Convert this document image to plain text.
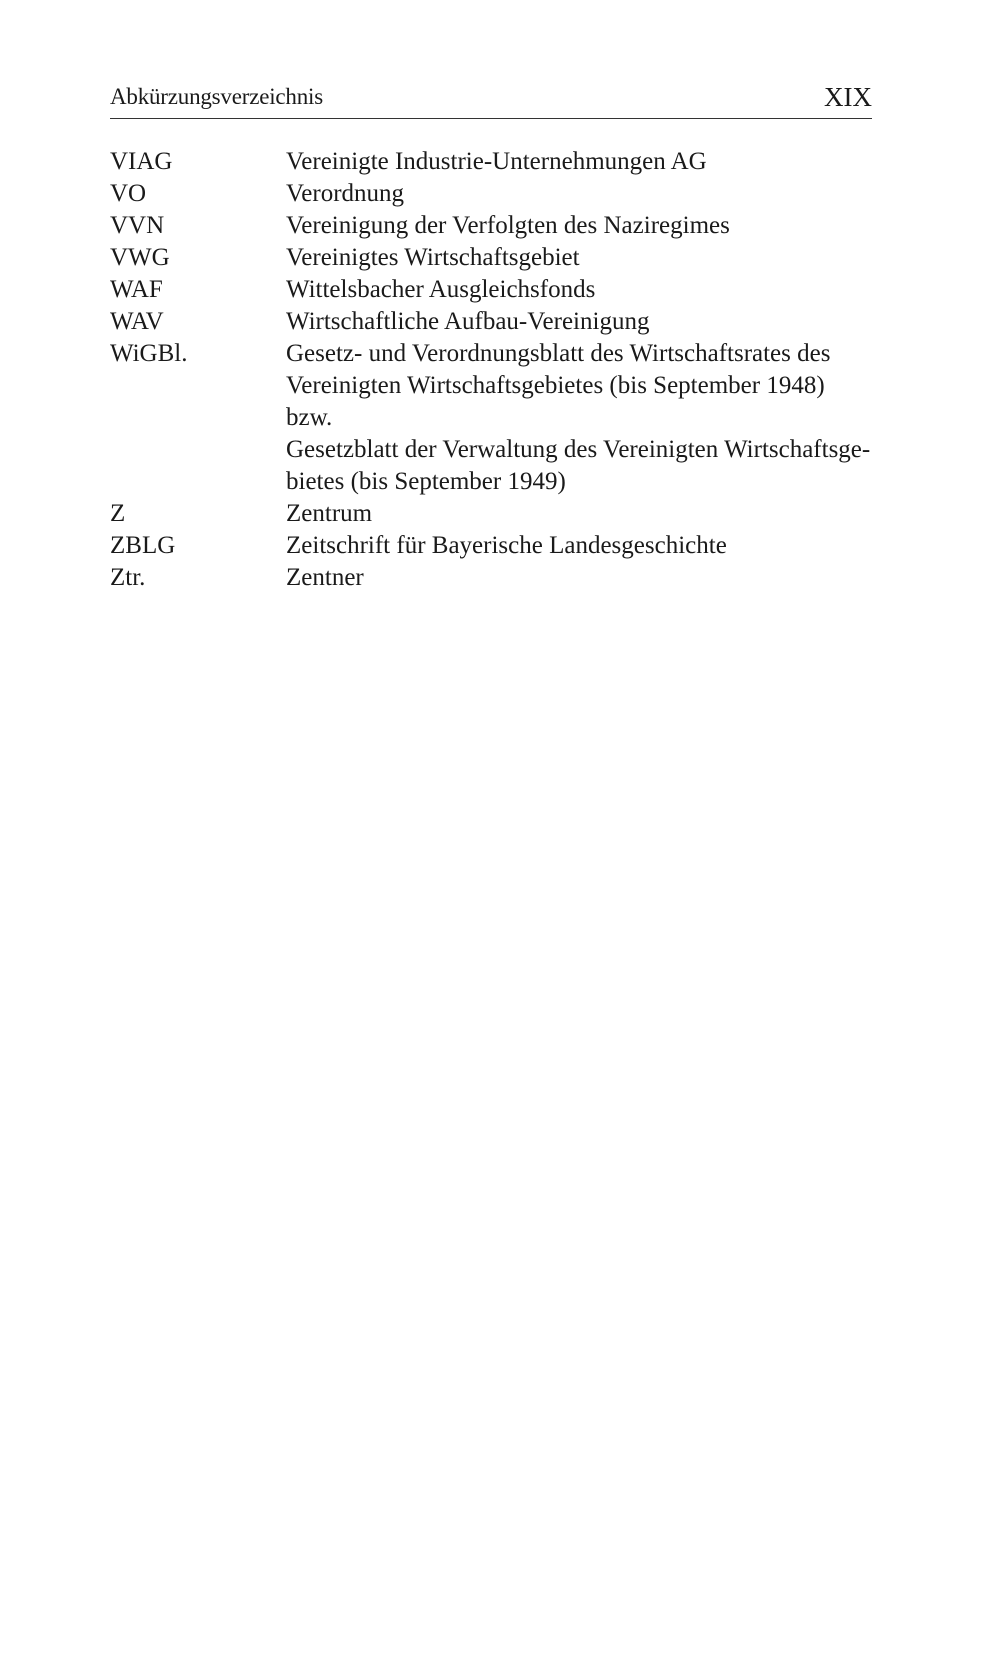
Abkürzungsverzeichnis	XIX
VIAG	Vereinigte Industrie-Unternehmungen AG
VO	Verordnung
VVN	Vereinigung der Verfolgten des Naziregimes
VWG	Vereinigtes Wirtschaftsgebiet
WAF	Wittelsbacher Ausgleichsfonds
WAV	Wirtschaftliche Aufbau-Vereinigung
WiGBl.	Gesetz- und Verordnungsblatt des Wirtschaftsrates des
Vereinigten Wirtschaftsgebietes (bis September 1948) bzw.
Gesetzblatt der Verwaltung des Vereinigten Wirtschaftsge-
bietes (bis September 1949)
Z	Zentrum
ZBLG	Zeitschrift für Bayerische Landesgeschichte
Ztr.	Zentner
